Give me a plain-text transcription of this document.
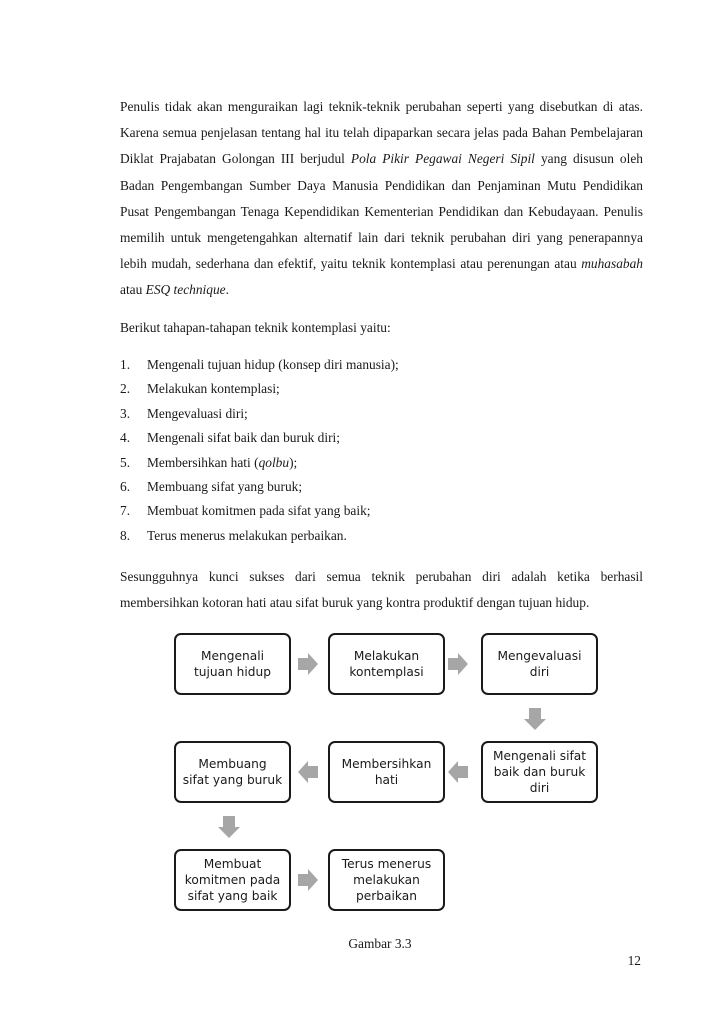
Penulis tidak akan menguraikan lagi teknik-teknik perubahan seperti yang disebutkan di atas. Karena semua penjelasan tentang hal itu telah dipaparkan secara jelas pada Bahan Pembelajaran Diklat Prajabatan Golongan III berjudul Pola Pikir Pegawai Negeri Sipil yang disusun oleh Badan Pengembangan Sumber Daya Manusia Pendidikan dan Penjaminan Mutu Pendidikan Pusat Pengembangan Tenaga Kependidikan Kementerian Pendidikan dan Kebudayaan. Penulis memilih untuk mengetengahkan alternatif lain dari teknik perubahan diri yang penerapannya lebih mudah, sederhana dan efektif, yaitu teknik kontemplasi atau perenungan atau muhasabah atau ESQ technique.

Berikut tahapan-tahapan teknik kontemplasi yaitu:

1. Mengenali tujuan hidup (konsep diri manusia);
2. Melakukan kontemplasi;
3. Mengevaluasi diri;
4. Mengenali sifat baik dan buruk diri;
5. Membersihkan hati (qolbu);
6. Membuang sifat yang buruk;
7. Membuat komitmen pada sifat yang baik;
8. Terus menerus melakukan perbaikan.

Sesungguhnya kunci sukses dari semua teknik perubahan diri adalah ketika berhasil membersihkan kotoran hati atau sifat buruk yang kontra produktif dengan tujuan hidup.

Mengenali
tujuan hidup
Melakukan
kontemplasi
Mengevaluasi
diri
Mengenali sifat
baik dan buruk
diri
Membersihkan
hati
Membuang
sifat yang buruk
Membuat
komitmen pada
sifat yang baik
Terus menerus
melakukan
perbaikan
Gambar 3.3
12
